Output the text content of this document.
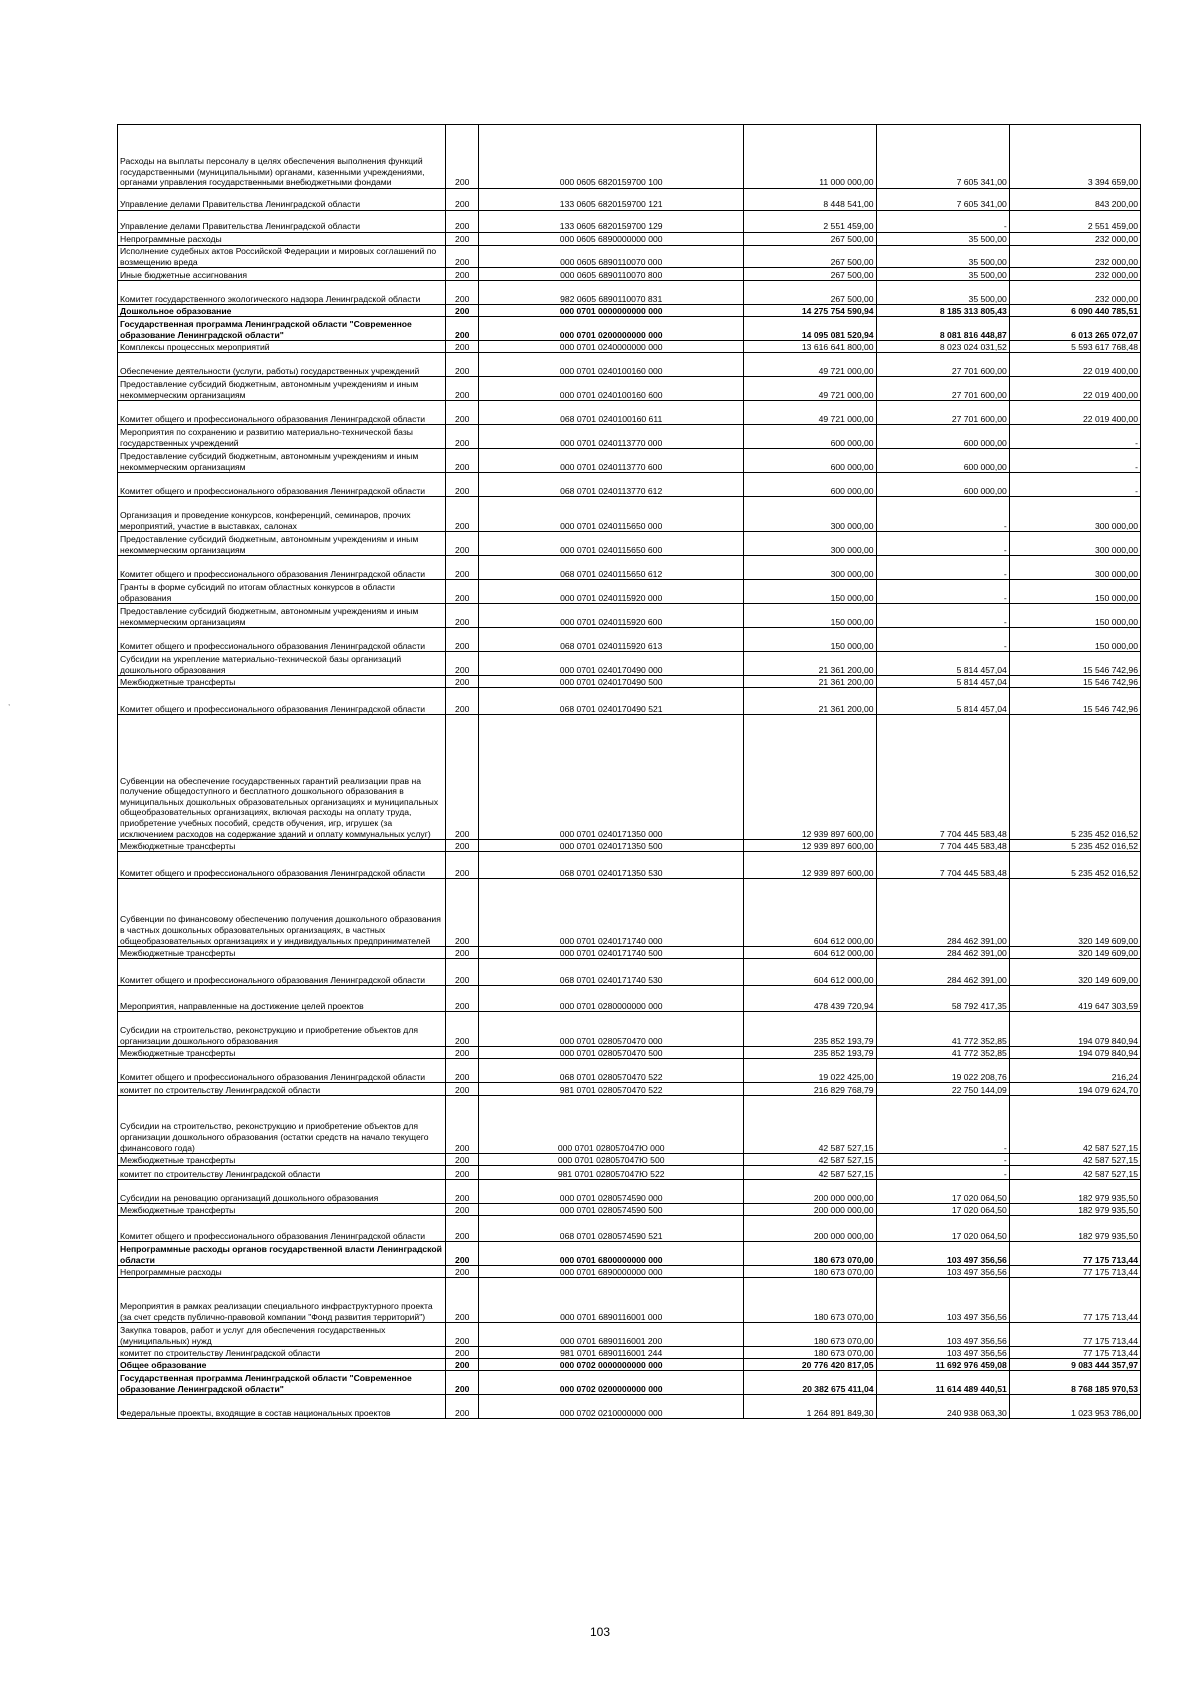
Расходы на выплаты персоналу в целях обеспечения выполнения функций государственными (муниципальными) органами, казенными учреждениями, органами управления государственными внебюджетными фондами	200	000 0605 6820159700 100	11 000 000,00	7 605 341,00	3 394 659,00
Управление делами Правительства Ленинградской области	200	133 0605 6820159700 121	8 448 541,00	7 605 341,00	843 200,00
Управление делами Правительства Ленинградской области	200	133 0605 6820159700 129	2 551 459,00	-	2 551 459,00
Непрограммные расходы	200	000 0605 6890000000 000	267 500,00	35 500,00	232 000,00
Исполнение судебных актов Российской Федерации и мировых соглашений по возмещению вреда	200	000 0605 6890110070 000	267 500,00	35 500,00	232 000,00
Иные бюджетные ассигнования	200	000 0605 6890110070 800	267 500,00	35 500,00	232 000,00
Комитет государственного экологического надзора Ленинградской области	200	982 0605 6890110070 831	267 500,00	35 500,00	232 000,00
Дошкольное образование	200	000 0701 0000000000 000	14 275 754 590,94	8 185 313 805,43	6 090 440 785,51
Государственная программа Ленинградской области "Современное образование Ленинградской области"	200	000 0701 0200000000 000	14 095 081 520,94	8 081 816 448,87	6 013 265 072,07
Комплексы процессных мероприятий	200	000 0701 0240000000 000	13 616 641 800,00	8 023 024 031,52	5 593 617 768,48
Обеспечение деятельности (услуги, работы) государственных учреждений	200	000 0701 0240100160 000	49 721 000,00	27 701 600,00	22 019 400,00
Предоставление субсидий бюджетным, автономным учреждениям и иным некоммерческим организациям	200	000 0701 0240100160 600	49 721 000,00	27 701 600,00	22 019 400,00
Комитет общего и профессионального образования Ленинградской области	200	068 0701 0240100160 611	49 721 000,00	27 701 600,00	22 019 400,00
Мероприятия по сохранению и развитию материально-технической базы государственных учреждений	200	000 0701 0240113770 000	600 000,00	600 000,00	-
Предоставление субсидий бюджетным, автономным учреждениям и иным некоммерческим организациям	200	000 0701 0240113770 600	600 000,00	600 000,00	-
Комитет общего и профессионального образования Ленинградской области	200	068 0701 0240113770 612	600 000,00	600 000,00	-
Организация и проведение конкурсов, конференций, семинаров, прочих мероприятий, участие в выставках, салонах	200	000 0701 0240115650 000	300 000,00	-	300 000,00
Предоставление субсидий бюджетным, автономным учреждениям и иным некоммерческим организациям	200	000 0701 0240115650 600	300 000,00	-	300 000,00
Комитет общего и профессионального образования Ленинградской области	200	068 0701 0240115650 612	300 000,00	-	300 000,00
Гранты в форме субсидий по итогам областных конкурсов в области образования	200	000 0701 0240115920 000	150 000,00	-	150 000,00
Предоставление субсидий бюджетным, автономным учреждениям и иным некоммерческим организациям	200	000 0701 0240115920 600	150 000,00	-	150 000,00
Комитет общего и профессионального образования Ленинградской области	200	068 0701 0240115920 613	150 000,00	-	150 000,00
Субсидии на укрепление материально-технической базы организаций дошкольного образования	200	000 0701 0240170490 000	21 361 200,00	5 814 457,04	15 546 742,96
Межбюджетные трансферты	200	000 0701 0240170490 500	21 361 200,00	5 814 457,04	15 546 742,96
Комитет общего и профессионального образования Ленинградской области	200	068 0701 0240170490 521	21 361 200,00	5 814 457,04	15 546 742,96
Субвенции на обеспечение государственных гарантий реализации прав на получение общедоступного и бесплатного дошкольного образования в муниципальных дошкольных образовательных организациях и муниципальных общеобразовательных организациях, включая расходы на оплату труда, приобретение учебных пособий, средств обучения, игр, игрушек (за исключением расходов на содержание зданий и оплату коммунальных услуг)	200	000 0701 0240171350 000	12 939 897 600,00	7 704 445 583,48	5 235 452 016,52
Межбюджетные трансферты	200	000 0701 0240171350 500	12 939 897 600,00	7 704 445 583,48	5 235 452 016,52
Комитет общего и профессионального образования Ленинградской области	200	068 0701 0240171350 530	12 939 897 600,00	7 704 445 583,48	5 235 452 016,52
Субвенции по финансовому обеспечению получения дошкольного образования в частных дошкольных образовательных организациях, в частных общеобразовательных организациях и у индивидуальных предпринимателей	200	000 0701 0240171740 000	604 612 000,00	284 462 391,00	320 149 609,00
Межбюджетные трансферты	200	000 0701 0240171740 500	604 612 000,00	284 462 391,00	320 149 609,00
Комитет общего и профессионального образования Ленинградской области	200	068 0701 0240171740 530	604 612 000,00	284 462 391,00	320 149 609,00
Мероприятия, направленные на достижение целей проектов	200	000 0701 0280000000 000	478 439 720,94	58 792 417,35	419 647 303,59
Субсидии на строительство, реконструкцию и приобретение объектов для организации дошкольного образования	200	000 0701 0280570470 000	235 852 193,79	41 772 352,85	194 079 840,94
Межбюджетные трансферты	200	000 0701 0280570470 500	235 852 193,79	41 772 352,85	194 079 840,94
Комитет общего и профессионального образования Ленинградской области	200	068 0701 0280570470 522	19 022 425,00	19 022 208,76	216,24
комитет по строительству Ленинградской области	200	981 0701 0280570470 522	216 829 768,79	22 750 144,09	194 079 624,70
Субсидии на строительство, реконструкцию и приобретение объектов для организации дошкольного образования (остатки средств на начало текущего финансового года)	200	000 0701 028057047Ю 000	42 587 527,15	-	42 587 527,15
Межбюджетные трансферты	200	000 0701 028057047Ю 500	42 587 527,15	-	42 587 527,15
комитет по строительству Ленинградской области	200	981 0701 028057047Ю 522	42 587 527,15	-	42 587 527,15
Субсидии на реновацию организаций дошкольного образования	200	000 0701 0280574590 000	200 000 000,00	17 020 064,50	182 979 935,50
Межбюджетные трансферты	200	000 0701 0280574590 500	200 000 000,00	17 020 064,50	182 979 935,50
Комитет общего и профессионального образования Ленинградской области	200	068 0701 0280574590 521	200 000 000,00	17 020 064,50	182 979 935,50
Непрограммные расходы органов государственной власти Ленинградской области	200	000 0701 6800000000 000	180 673 070,00	103 497 356,56	77 175 713,44
Непрограммные расходы	200	000 0701 6890000000 000	180 673 070,00	103 497 356,56	77 175 713,44
Мероприятия в рамках реализации специального инфраструктурного проекта (за счет средств публично-правовой компании "Фонд развития территорий")	200	000 0701 6890116001 000	180 673 070,00	103 497 356,56	77 175 713,44
Закупка товаров, работ и услуг для обеспечения государственных (муниципальных) нужд	200	000 0701 6890116001 200	180 673 070,00	103 497 356,56	77 175 713,44
комитет по строительству Ленинградской области	200	981 0701 6890116001 244	180 673 070,00	103 497 356,56	77 175 713,44
Общее образование	200	000 0702 0000000000 000	20 776 420 817,05	11 692 976 459,08	9 083 444 357,97
Государственная программа Ленинградской области "Современное образование Ленинградской области"	200	000 0702 0200000000 000	20 382 675 411,04	11 614 489 440,51	8 768 185 970,53
Федеральные проекты, входящие в состав национальных проектов	200	000 0702 0210000000 000	1 264 891 849,30	240 938 063,30	1 023 953 786,00
103
,
